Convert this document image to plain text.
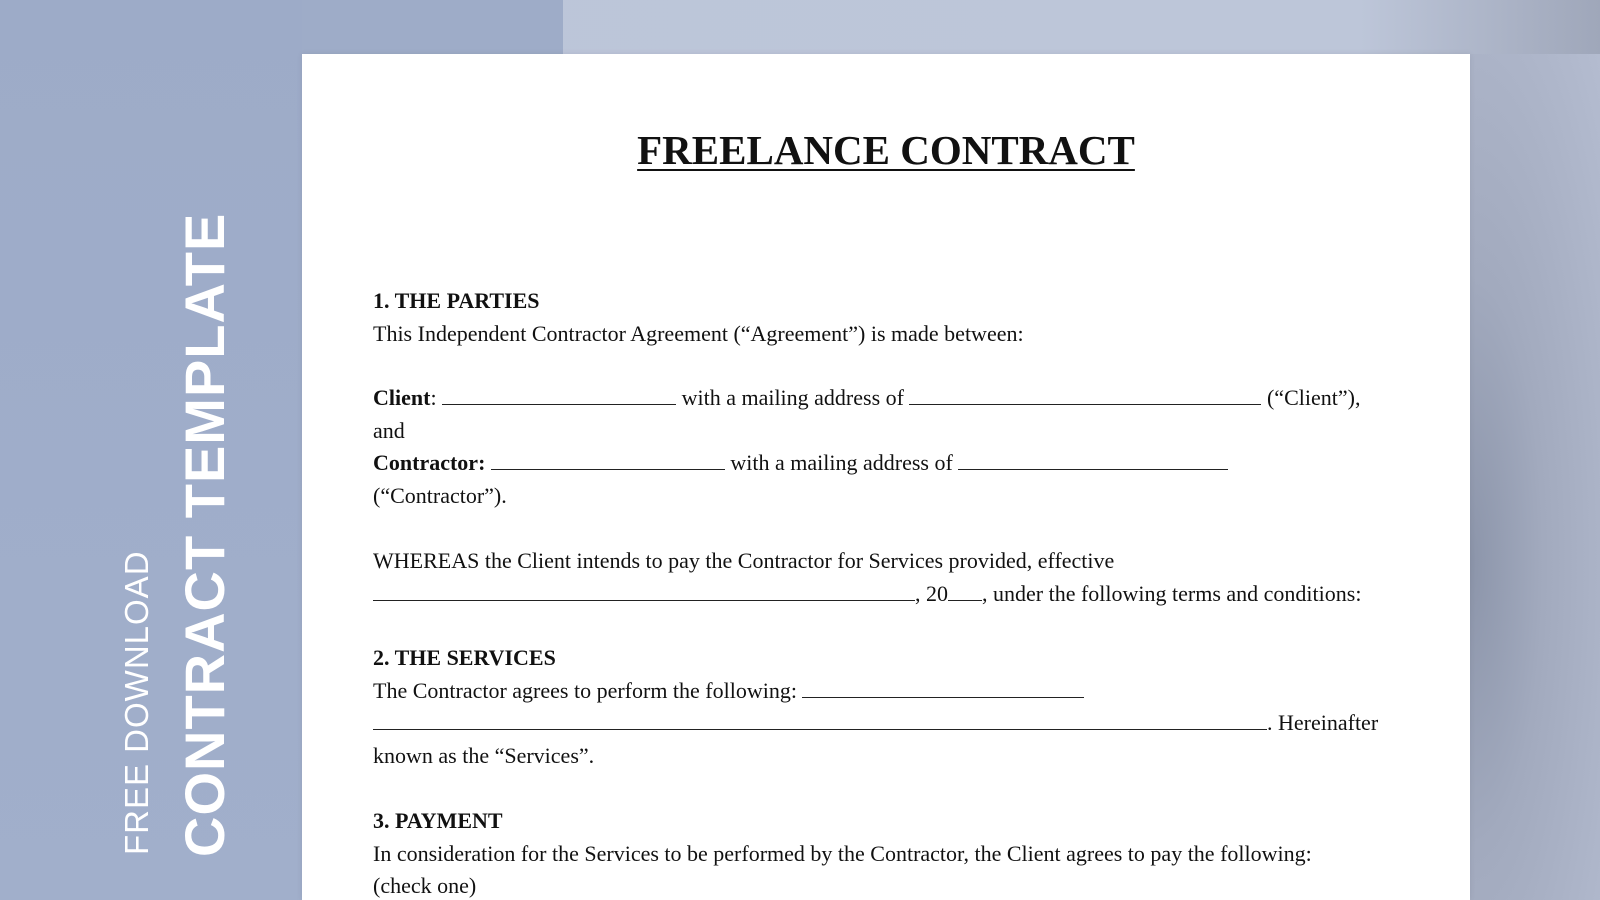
FREE DOWNLOAD CONTRACT TEMPLATE
FREELANCE CONTRACT
1. THE PARTIES
This Independent Contractor Agreement (“Agreement”) is made between:
Client:	with a mailing address of	(“Client”),
and
Contractor:	with a mailing address of
(“Contractor”).
WHEREAS the Client intends to pay the Contractor for Services provided, effective
, 20 , under the following terms and conditions:
2. THE SERVICES
The Contractor agrees to perform the following:
. Hereinafter
known as the “Services”.
3. PAYMENT
In consideration for the Services to be performed by the Contractor, the Client agrees to pay the following:
(check one)
